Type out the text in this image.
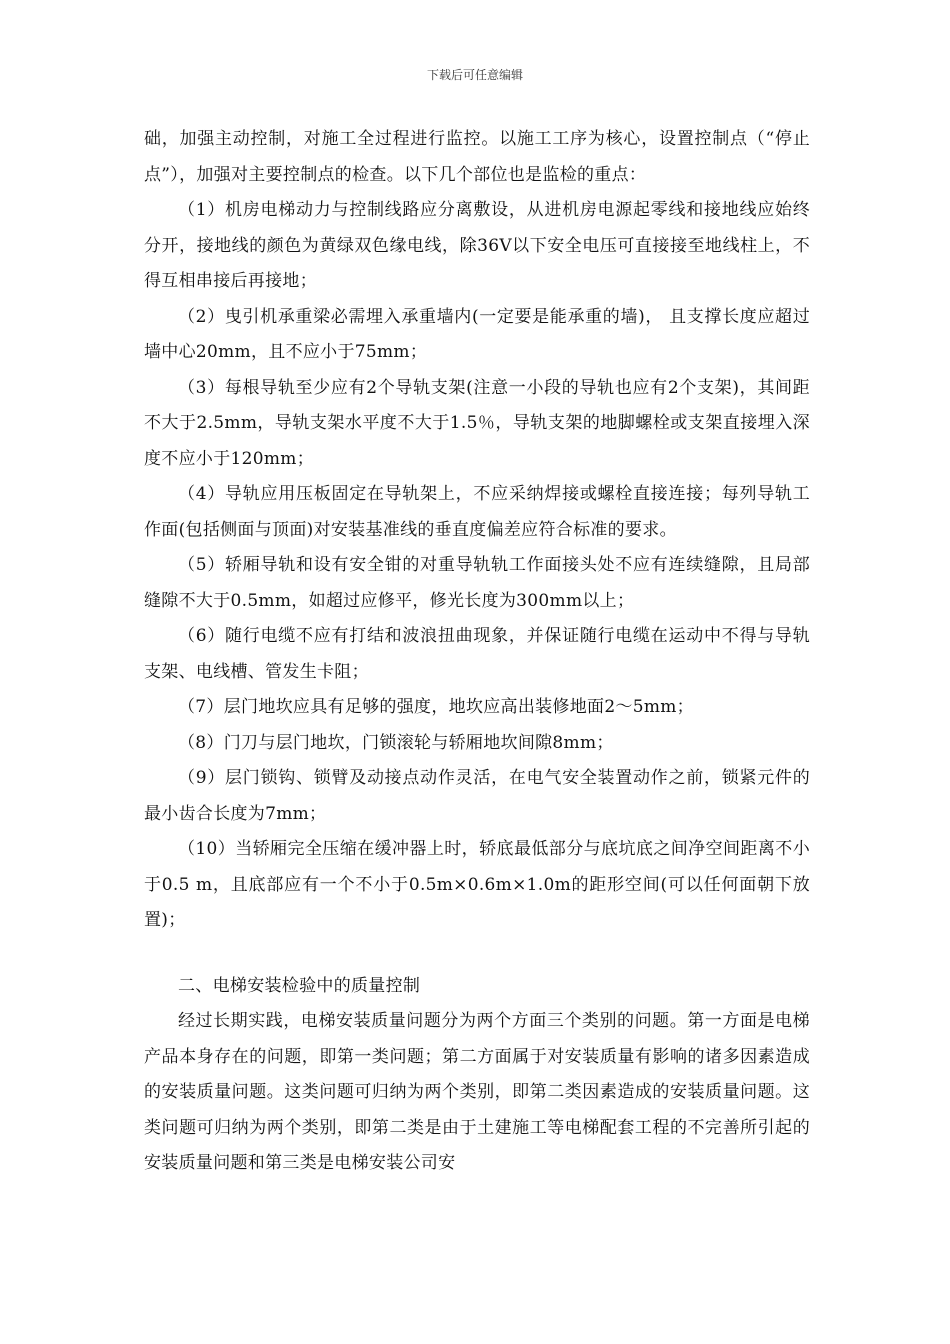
下载后可任意编辑

础，加强主动控制，对施工全过程进行监控。以施工工序为核心，设置控制点（“停止点”），加强对主要控制点的检查。以下几个部位也是监检的重点：

（1）机房电梯动力与控制线路应分离敷设，从进机房电源起零线和接地线应始终分开，接地线的颜色为黄绿双色缘电线，除36V以下安全电压可直接接至地线柱上，不得互相串接后再接地；

（2）曳引机承重梁必需埋入承重墙内(一定要是能承重的墙)， 且支撑长度应超过墙中心20mm，且不应小于75mm；

（3）每根导轨至少应有2个导轨支架(注意一小段的导轨也应有2个支架)，其间距不大于2.5mm，导轨支架水平度不大于1.5％，导轨支架的地脚螺栓或支架直接埋入深度不应小于120mm；

（4）导轨应用压板固定在导轨架上，不应采纳焊接或螺栓直接连接；每列导轨工作面(包括侧面与顶面)对安装基准线的垂直度偏差应符合标准的要求。

（5）轿厢导轨和设有安全钳的对重导轨轨工作面接头处不应有连续缝隙，且局部缝隙不大于0.5mm，如超过应修平，修光长度为300mm以上；

（6）随行电缆不应有打结和波浪扭曲现象，并保证随行电缆在运动中不得与导轨支架、电线槽、管发生卡阻；

（7）层门地坎应具有足够的强度，地坎应高出装修地面2～5mm；

（8）门刀与层门地坎，门锁滚轮与轿厢地坎间隙8mm；

（9）层门锁钩、锁臂及动接点动作灵活，在电气安全装置动作之前，锁紧元件的最小齿合长度为7mm；

（10）当轿厢完全压缩在缓冲器上时，轿底最低部分与底坑底之间净空间距离不小于0.5 m，且底部应有一个不小于0.5m×0.6m×1.0m的距形空间(可以任何面朝下放置)；

二、电梯安装检验中的质量控制

经过长期实践，电梯安装质量问题分为两个方面三个类别的问题。第一方面是电梯产品本身存在的问题，即第一类问题；第二方面属于对安装质量有影响的诸多因素造成的安装质量问题。这类问题可归纳为两个类别，即第二类因素造成的安装质量问题。这类问题可归纳为两个类别，即第二类是由于土建施工等电梯配套工程的不完善所引起的安装质量问题和第三类是电梯安装公司安
